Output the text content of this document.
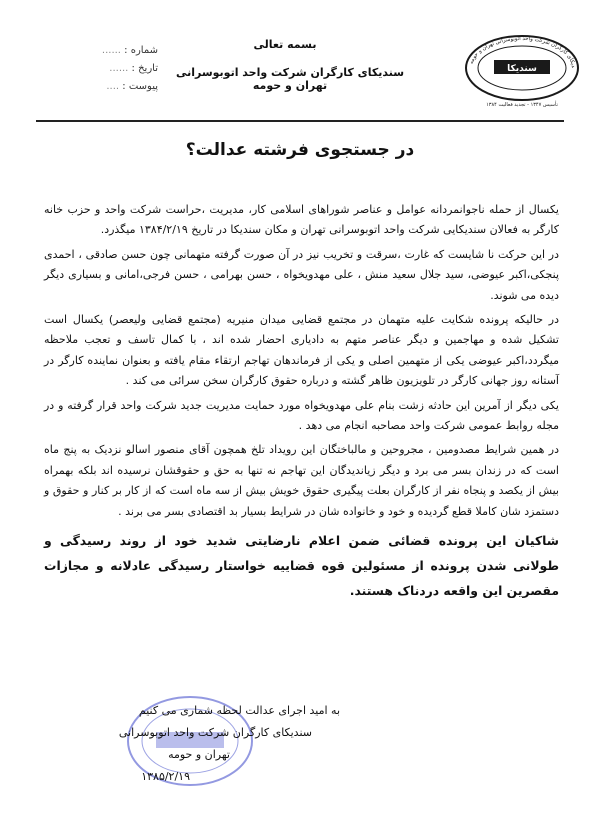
شماره : ......
تاریخ : ......
پیوست : ....
بسمه تعالی
سندیکای کارگران شرکت واحد اتوبوسرانی تهران و حومه
دیکای کارگران شرکت واحد اتوبوسرانی تهران و حومه
سندیکا
تأسیس ۱۳۴۷ - تجدید فعالیت ۱۳۸۴
در جستجوی فرشته عدالت؟

یکسال از حمله ناجوانمردانه عوامل و عناصر شوراهای اسلامی کار، مدیریت ،حراست شرکت واحد و حزب خانه کارگر به فعالان سندیکایی شرکت واحد اتوبوسرانی تهران و مکان سندیکا در تاریخ ۱۳۸۴/۲/۱۹ میگذرد.

در این حرکت نا شایست که غارت ،سرقت و تخریب نیز در آن صورت گرفته متهمانی چون حسن صادقی ، احمدی پنجکی،اکبر عیوضی، سید جلال سعید منش ، علی مهدویخواه ، حسن بهرامی ، حسن فرجی،امانی و بسیاری دیگر دیده می شوند.

در حالیکه پرونده شکایت علیه متهمان در مجتمع قضایی میدان منیریه (مجتمع قضایی ولیعصر) یکسال است تشکیل شده و مهاجمین و دیگر عناصر متهم به دادیاری احضار شده اند ، با کمال تاسف و تعجب ملاحظه میگردد،اکبر عیوضی یکی از متهمین اصلی و یکی از فرماندهان تهاجم ارتقاء مقام یافته و بعنوان نماینده کارگر در آستانه روز جهانی کارگر در تلویزیون ظاهر گشته و درباره حقوق کارگران سخن سرائی می کند .

یکی دیگر از آمرین این حادثه زشت بنام علی مهدویخواه مورد حمایت مدیریت جدید شرکت واحد قرار گرفته و در مجله روابط عمومی شرکت واحد مصاحبه انجام می دهد .

در همین شرایط مصدومین ، مجروحین و مالباختگان این رویداد تلخ همچون آقای منصور اسالو نزدیک به پنج ماه است که در زندان بسر می برد و دیگر زیاندیدگان این تهاجم نه تنها به حق و حقوقشان نرسیده اند بلکه بهمراه بیش از یکصد و پنجاه نفر از کارگران بعلت پیگیری حقوق خویش بیش از سه ماه است که از کار بر کنار و حقوق و دستمزد شان کاملا قطع گردیده و خود و خانواده شان در شرایط بسیار بد اقتصادی بسر می برند .

شاکیان این پرونده قضائی ضمن اعلام نارضایتی شدید خود از روند رسیدگی و طولانی شدن پرونده از مسئولین قوه قضاییه خواستار رسیدگی عادلانه و مجازات مقصرین این واقعه دردناک هستند.

به امید اجرای عدالت لحظه شماری می کنیم
سندیکای کارگران شرکت واحد اتوبوسرانی
تهران و حومه
۱۳۸۵/۲/۱۹
